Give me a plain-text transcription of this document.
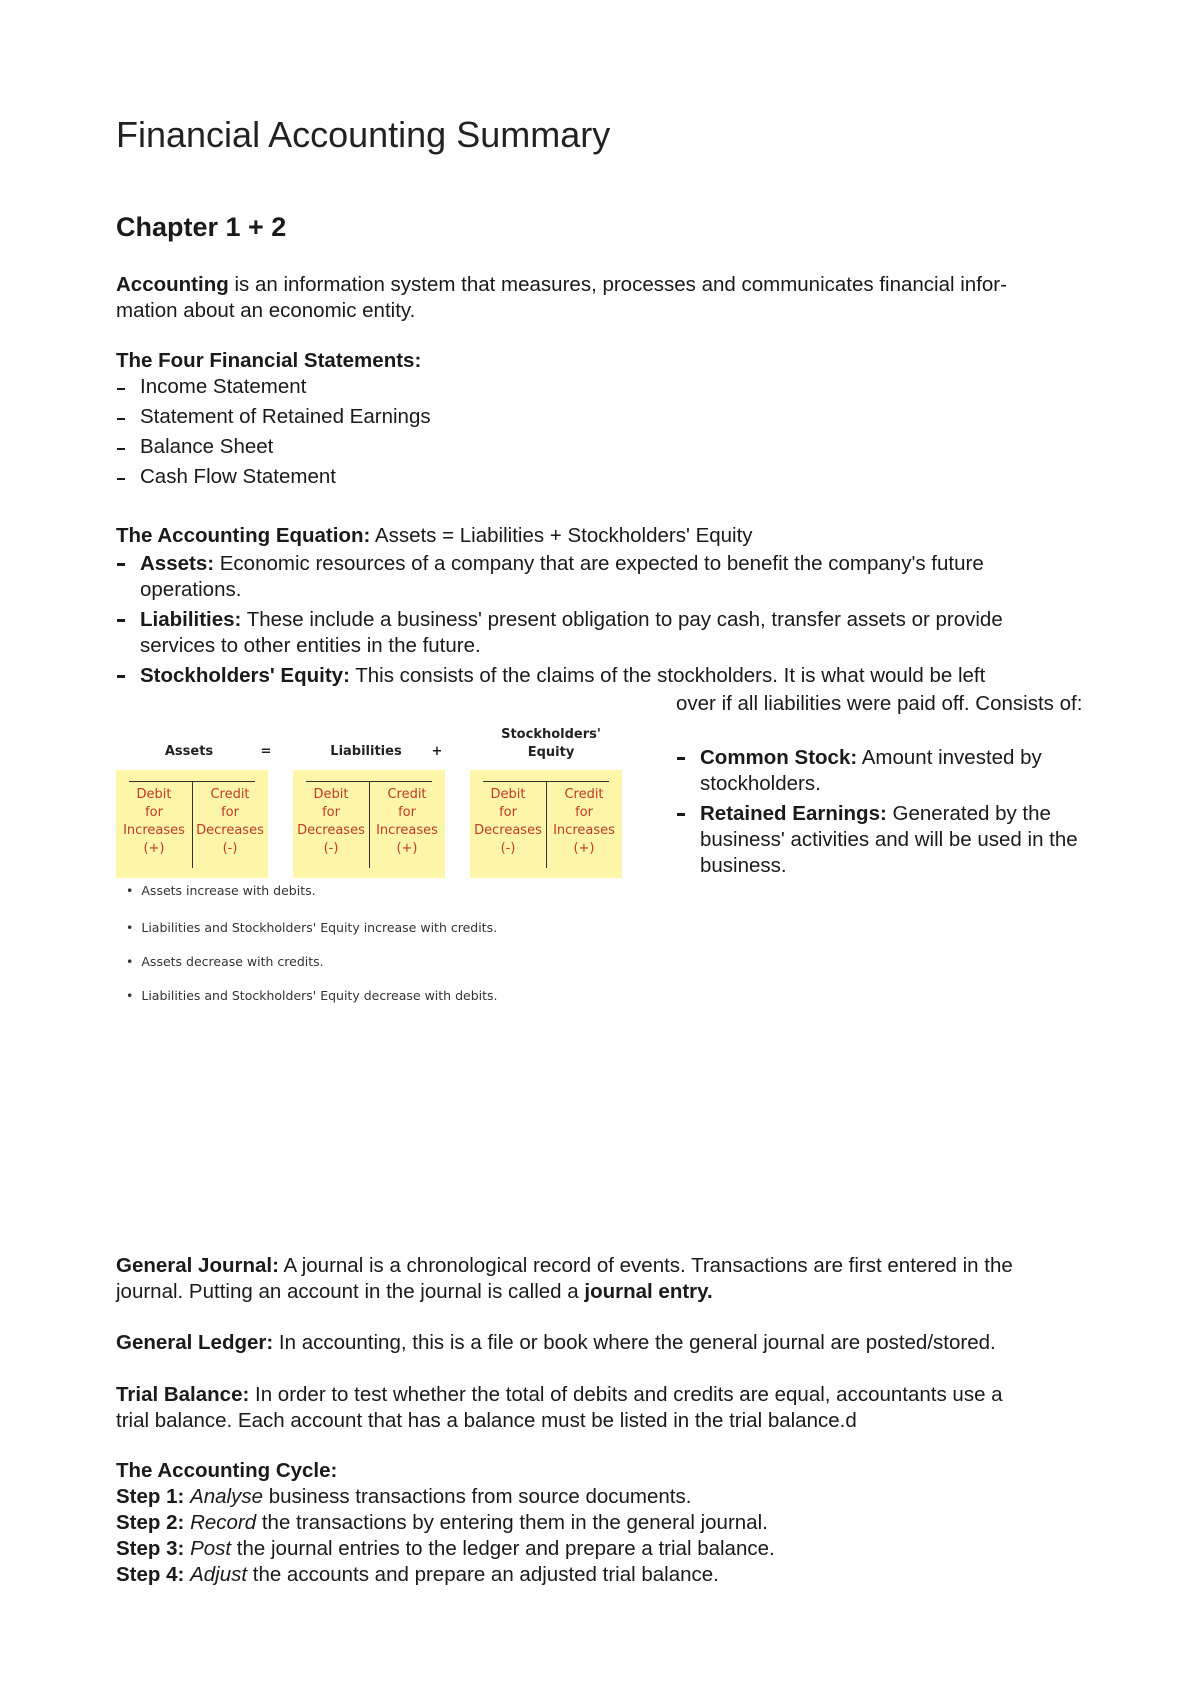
Financial Accounting Summary
Chapter 1 + 2
Accounting is an information system that measures, processes and communicates financial infor-
mation about an economic entity.
The Four Financial Statements:
Income Statement
Statement of Retained Earnings
Balance Sheet
Cash Flow Statement
The Accounting Equation: Assets = Liabilities + Stockholders' Equity
Assets: Economic resources of a company that are expected to benefit the company's future
operations.
Liabilities: These include a business' present obligation to pay cash, transfer assets or provide
services to other entities in the future.
Stockholders' Equity: This consists of the claims of the stockholders. It is what would be left
over if all liabilities were paid off. Consists of:
Common Stock: Amount invested by stockholders.
Retained Earnings: Generated by the business' activities and will be used in the business.
Assets	=	Liabilities	+
Stockholders'
Equity
Debit
for
Increases
(+)
Credit
for
Decreases
(-)
Debit
for
Decreases
(-)
Credit
for
Increases
(+)
Debit
for
Decreases
(-)
Credit
for
Increases
(+)
• Assets increase with debits.
• Liabilities and Stockholders' Equity increase with credits.
• Assets decrease with credits.
• Liabilities and Stockholders' Equity decrease with debits.
General Journal: A journal is a chronological record of events. Transactions are first entered in the
journal. Putting an account in the journal is called a journal entry.
General Ledger: In accounting, this is a file or book where the general journal are posted/stored.
Trial Balance: In order to test whether the total of debits and credits are equal, accountants use a
trial balance. Each account that has a balance must be listed in the trial balance.d
The Accounting Cycle:
Step 1: Analyse business transactions from source documents.
Step 2: Record the transactions by entering them in the general journal.
Step 3: Post the journal entries to the ledger and prepare a trial balance.
Step 4: Adjust the accounts and prepare an adjusted trial balance.
